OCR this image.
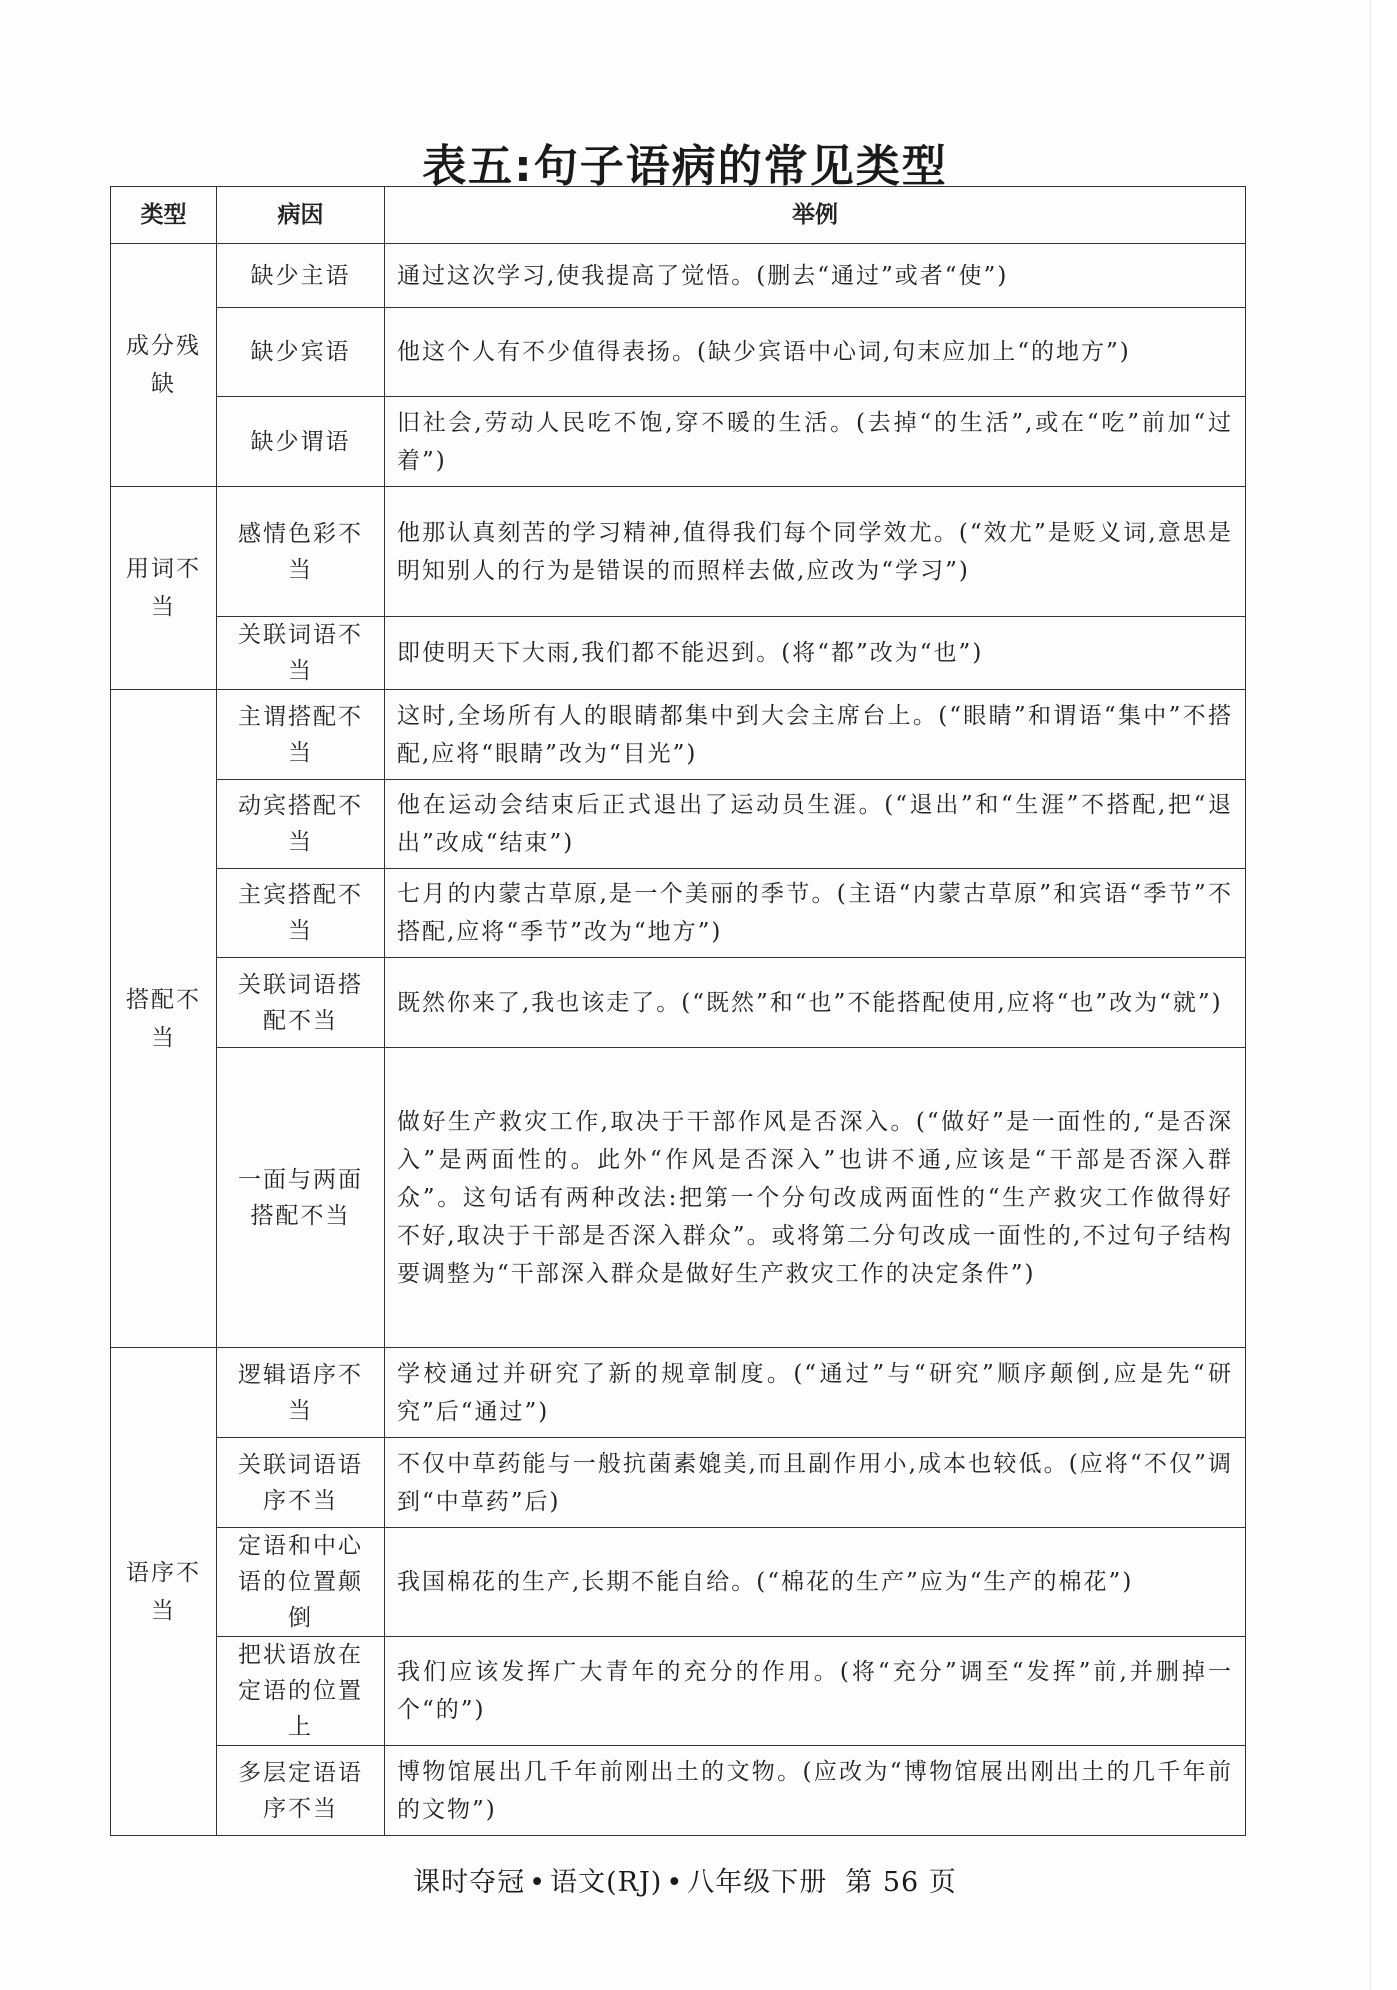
表五:句子语病的常见类型
类型	病因	举例
成分残缺	缺少主语	通过这次学习,使我提高了觉悟。(删去“通过”或者“使”)
	缺少宾语	他这个人有不少值得表扬。(缺少宾语中心词,句末应加上“的地方”)
	缺少谓语	旧社会,劳动人民吃不饱,穿不暖的生活。(去掉“的生活”,或在“吃”前加“过着”)
用词不当	感情色彩不当	他那认真刻苦的学习精神,值得我们每个同学效尤。(“效尤”是贬义词,意思是明知别人的行为是错误的而照样去做,应改为“学习”)
	关联词语不当	即使明天下大雨,我们都不能迟到。(将“都”改为“也”)
搭配不当	主谓搭配不当	这时,全场所有人的眼睛都集中到大会主席台上。(“眼睛”和谓语“集中”不搭配,应将“眼睛”改为“目光”)
	动宾搭配不当	他在运动会结束后正式退出了运动员生涯。(“退出”和“生涯”不搭配,把“退出”改成“结束”)
	主宾搭配不当	七月的内蒙古草原,是一个美丽的季节。(主语“内蒙古草原”和宾语“季节”不搭配,应将“季节”改为“地方”)
	关联词语搭配不当	既然你来了,我也该走了。(“既然”和“也”不能搭配使用,应将“也”改为“就”)
	一面与两面搭配不当	做好生产救灾工作,取决于干部作风是否深入。(“做好”是一面性的,“是否深入”是两面性的。此外“作风是否深入”也讲不通,应该是“干部是否深入群众”。这句话有两种改法:把第一个分句改成两面性的“生产救灾工作做得好不好,取决于干部是否深入群众”。或将第二分句改成一面性的,不过句子结构要调整为“干部深入群众是做好生产救灾工作的决定条件”)
语序不当	逻辑语序不当	学校通过并研究了新的规章制度。(“通过”与“研究”顺序颠倒,应是先“研究”后“通过”)
	关联词语语序不当	不仅中草药能与一般抗菌素媲美,而且副作用小,成本也较低。(应将“不仅”调到“中草药”后)
	定语和中心语的位置颠倒	我国棉花的生产,长期不能自给。(“棉花的生产”应为“生产的棉花”)
	把状语放在定语的位置上	我们应该发挥广大青年的充分的作用。(将“充分”调至“发挥”前,并删掉一个“的”)
	多层定语语序不当	博物馆展出几千年前刚出土的文物。(应改为“博物馆展出刚出土的几千年前的文物”)
课时夺冠 • 语文(RJ) • 八年级下册 第 56 页
